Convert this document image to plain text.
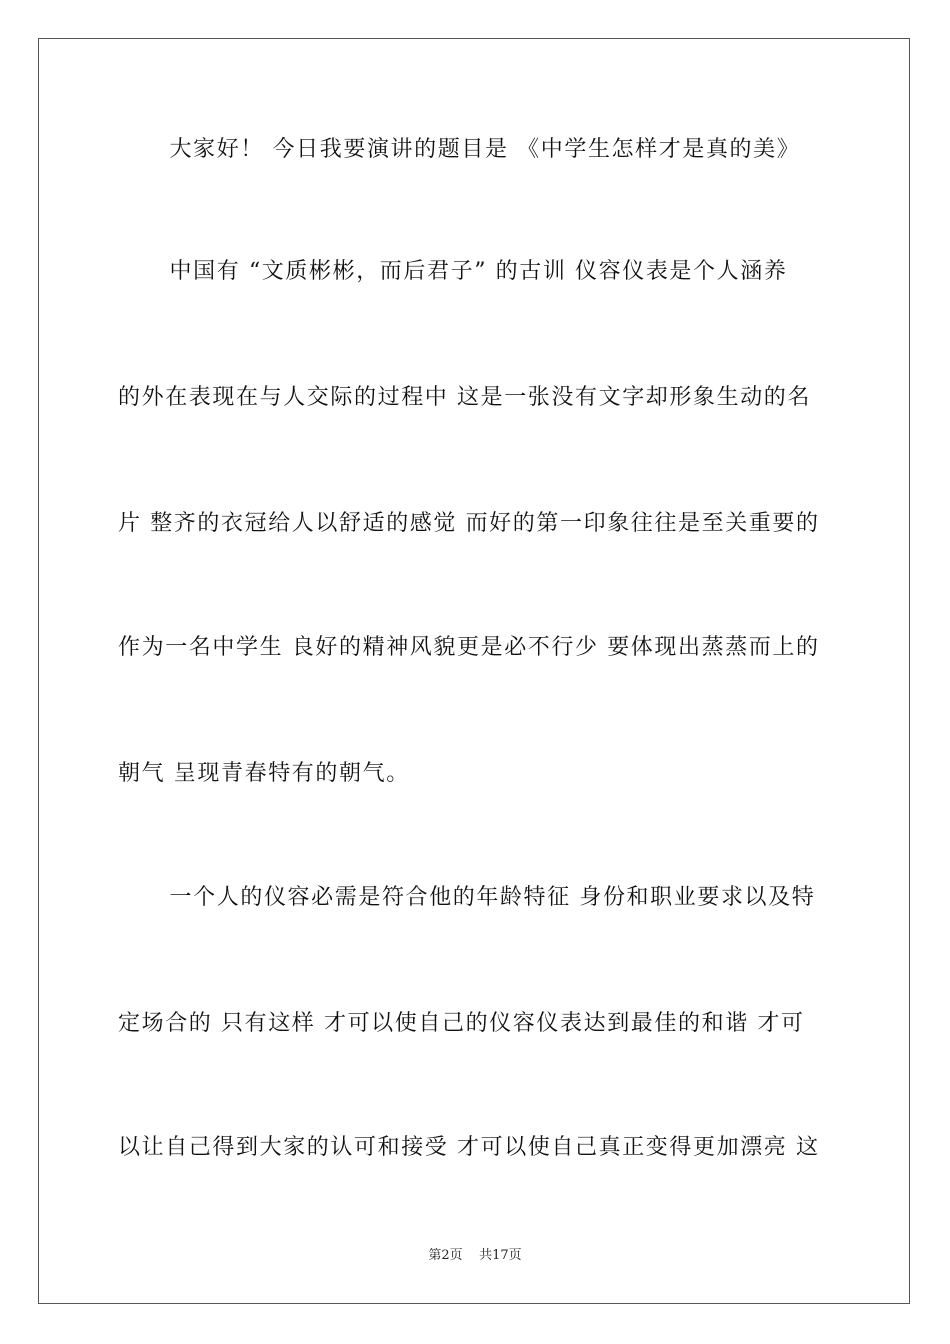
大家好！ 今日我要演讲的题目是 《中学生怎样才是真的美》
中国有 “文质彬彬，而后君子” 的古训 仪容仪表是个人涵养
的外在表现在与人交际的过程中 这是一张没有文字却形象生动的名
片 整齐的衣冠给人以舒适的感觉 而好的第一印象往往是至关重要的
作为一名中学生 良好的精神风貌更是必不行少 要体现出蒸蒸而上的
朝气 呈现青春特有的朝气。
一个人的仪容必需是符合他的年龄特征 身份和职业要求以及特
定场合的 只有这样 才可以使自己的仪容仪表达到最佳的和谐 才可
以让自己得到大家的认可和接受 才可以使自己真正变得更加漂亮 这
第2页    共17页
